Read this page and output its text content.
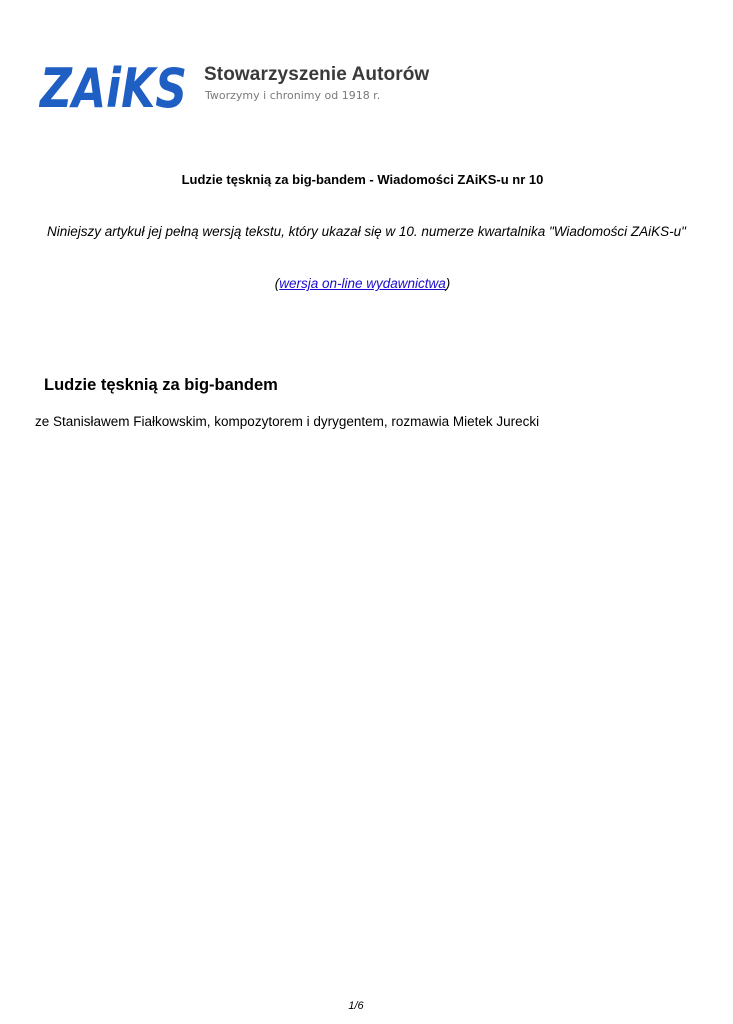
ZAiKS Stowarzyszenie Autorów
Tworzymy i chronimy od 1918 r.
Ludzie tęsknią za big-bandem - Wiadomości ZAiKS-u nr 10
Niniejszy artykuł jej pełną wersją tekstu, który ukazał się w 10. numerze kwartalnika "Wiadomości ZAiKS-u"
(wersja on-line wydawnictwa)
Ludzie tęsknią za big-bandem
ze Stanisławem Fiałkowskim, kompozytorem i dyrygentem, rozmawia Mietek Jurecki
1/6
